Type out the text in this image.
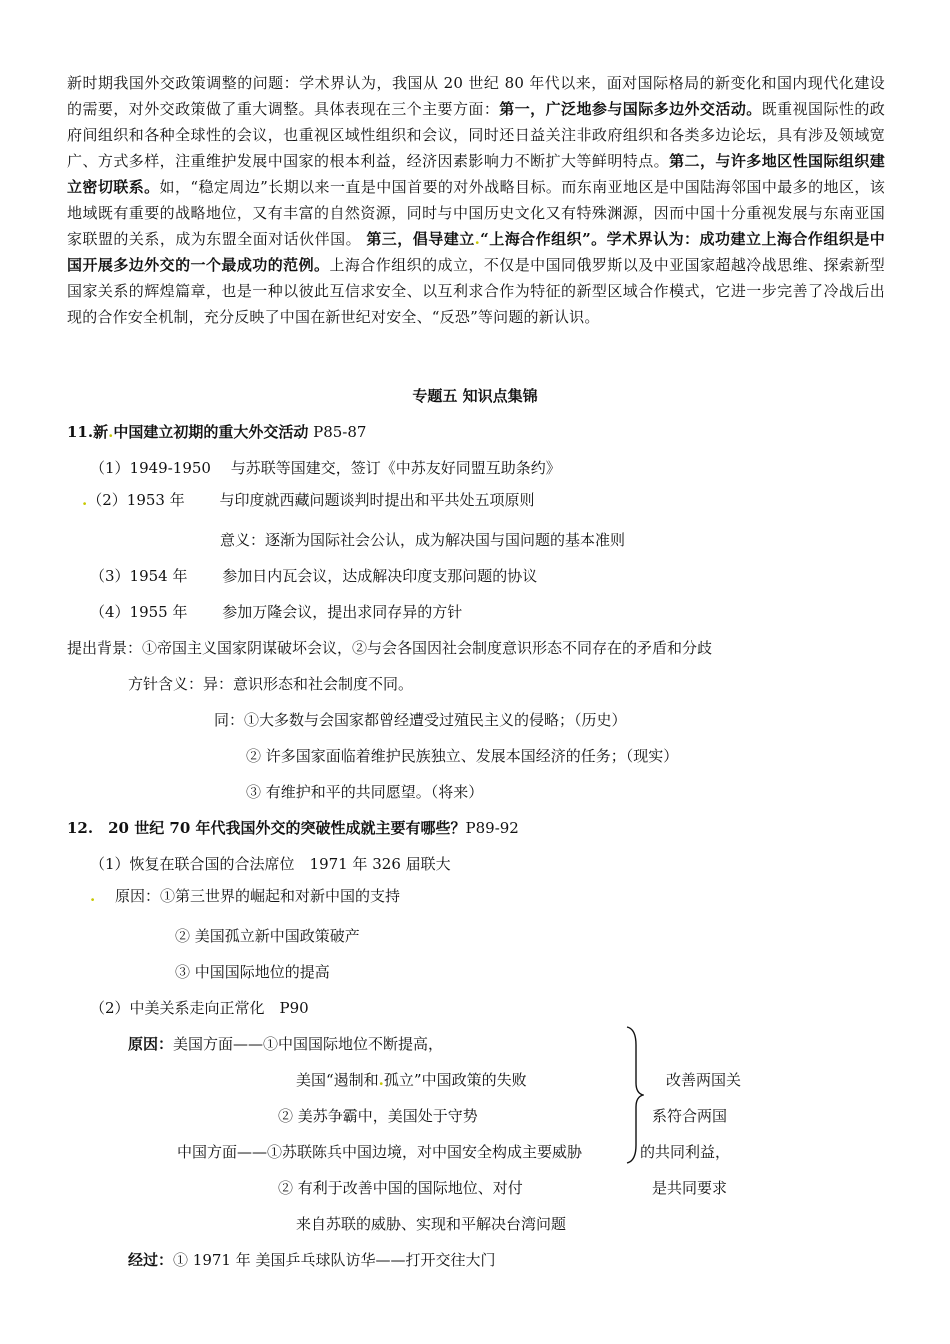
新时期我国外交政策调整的问题：学术界认为，我国从 20 世纪 80 年代以来，面对国际格局的新变化和国内现代化建设的需要，对外交政策做了重大调整。具体表现在三个主要方面：第一，广泛地参与国际多边外交活动。既重视国际性的政府间组织和各种全球性的会议，也重视区域性组织和会议，同时还日益关注非政府组织和各类多边论坛，具有涉及领域宽广、方式多样，注重维护发展中国家的根本利益，经济因素影响力不断扩大等鲜明特点。第二，与许多地区性国际组织建立密切联系。如，“稳定周边”长期以来一直是中国首要的对外战略目标。而东南亚地区是中国陆海邻国中最多的地区，该地域既有重要的战略地位，又有丰富的自然资源，同时与中国历史文化又有特殊渊源，因而中国十分重视发展与东南亚国家联盟的关系，成为东盟全面对话伙伴国。 第三，倡导建立.“上海合作组织”。学术界认为：成功建立上海合作组织是中国开展多边外交的一个最成功的范例。上海合作组织的成立，不仅是中国同俄罗斯以及中亚国家超越冷战思维、探索新型国家关系的辉煌篇章，也是一种以彼此互信求安全、以互利求合作为特征的新型区域合作模式，它进一步完善了冷战后出现的合作安全机制，充分反映了中国在新世纪对安全、“反恐”等问题的新认识。
专题五 知识点集锦
11.新.中国建立初期的重大外交活动 P85-87
（1）1949-1950　 与苏联等国建交，签订《中苏友好同盟互助条约》
.（2）1953 年　　 与印度就西藏问题谈判时提出和平共处五项原则
意义：逐渐为国际社会公认，成为解决国与国问题的基本准则
（3）1954 年　　 参加日内瓦会议，达成解决印度支那问题的协议
（4）1955 年　　 参加万隆会议，提出求同存异的方针
提出背景：①帝国主义国家阴谋破坏会议，②与会各国因社会制度意识形态不同存在的矛盾和分歧
方针含义：异：意识形态和社会制度不同。
同：①大多数与会国家都曾经遭受过殖民主义的侵略；（历史）
② 许多国家面临着维护民族独立、发展本国经济的任务；（现实）
③ 有维护和平的共同愿望。（将来）
12.　20 世纪 70 年代我国外交的突破性成就主要有哪些？P89-92
（1）恢复在联合国的合法席位　1971 年 326 届联大
.　 原因：①第三世界的崛起和对新中国的支持
② 美国孤立新中国政策破产
③ 中国国际地位的提高
（2）中美关系走向正常化　P90
原因：美国方面——①中国国际地位不断提高，
美国“遏制和.孤立”中国政策的失败
② 美苏争霸中，美国处于守势
中国方面——①苏联陈兵中国边境，对中国安全构成主要威胁
② 有利于改善中国的国际地位、对付
来自苏联的威胁、实现和平解决台湾问题
改善两国关
系符合两国
的共同利益，
是共同要求
经过：① 1971 年 美国乒乓球队访华——打开交往大门
